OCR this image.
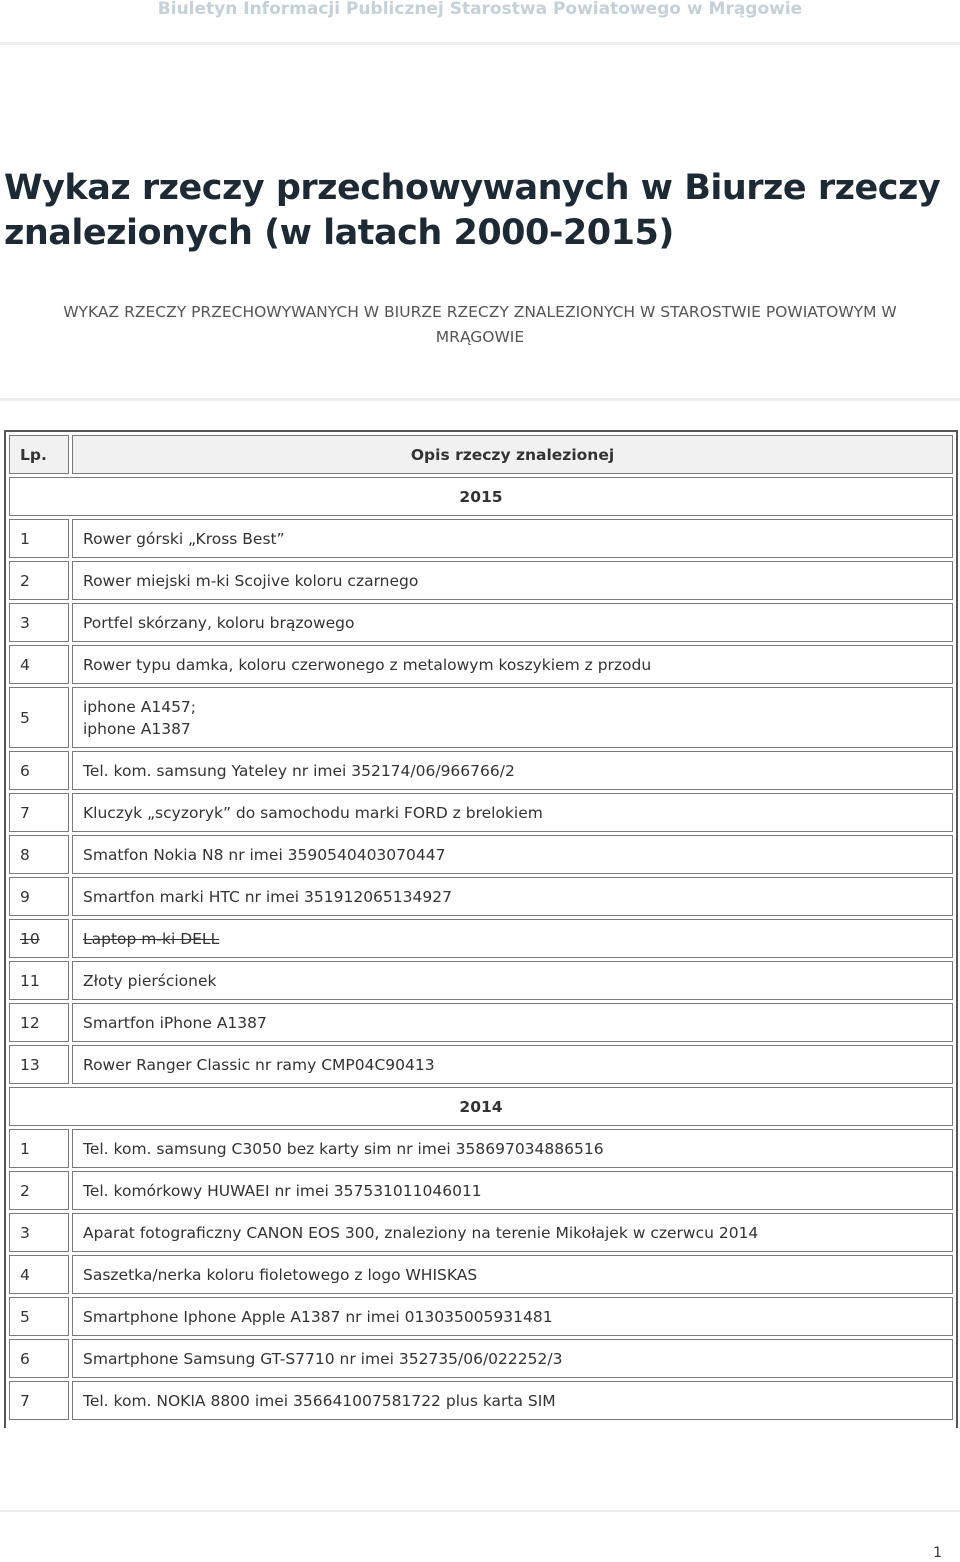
Biuletyn Informacji Publicznej Starostwa Powiatowego w Mrągowie
Wykaz rzeczy przechowywanych w Biurze rzeczy
znalezionych (w latach 2000-2015)

WYKAZ RZECZY PRZECHOWYWANYCH W BIURZE RZECZY ZNALEZIONYCH W STAROSTWIE POWIATOWYM W
MRĄGOWIE

Lp.	Opis rzeczy znalezionej
2015	
1	Rower górski „Kross Best”
2	Rower miejski m-ki Scojive koloru czarnego
3	Portfel skórzany, koloru brązowego
4	Rower typu damka, koloru czerwonego z metalowym koszykiem z przodu
5	iphone A1457;
iphone A1387
6	Tel. kom. samsung Yateley nr imei 352174/06/966766/2
7	Kluczyk „scyzoryk” do samochodu marki FORD z brelokiem
8	Smatfon Nokia N8 nr imei 3590540403070447
9	Smartfon marki HTC nr imei 351912065134927
10	Laptop m-ki DELL
11	Złoty pierścionek
12	Smartfon iPhone A1387
13	Rower Ranger Classic nr ramy CMP04C90413
2014	
1	Tel. kom. samsung C3050 bez karty sim nr imei 358697034886516
2	Tel. komórkowy HUWAEI nr imei 357531011046011
3	Aparat fotograficzny CANON EOS 300, znaleziony na terenie Mikołajek w czerwcu 2014
4	Saszetka/nerka koloru fioletowego z logo WHISKAS
5	Smartphone Iphone Apple A1387 nr imei 013035005931481
6	Smartphone Samsung GT-S7710 nr imei 352735/06/022252/3
7	Tel. kom. NOKIA 8800 imei 356641007581722 plus karta SIM
1
